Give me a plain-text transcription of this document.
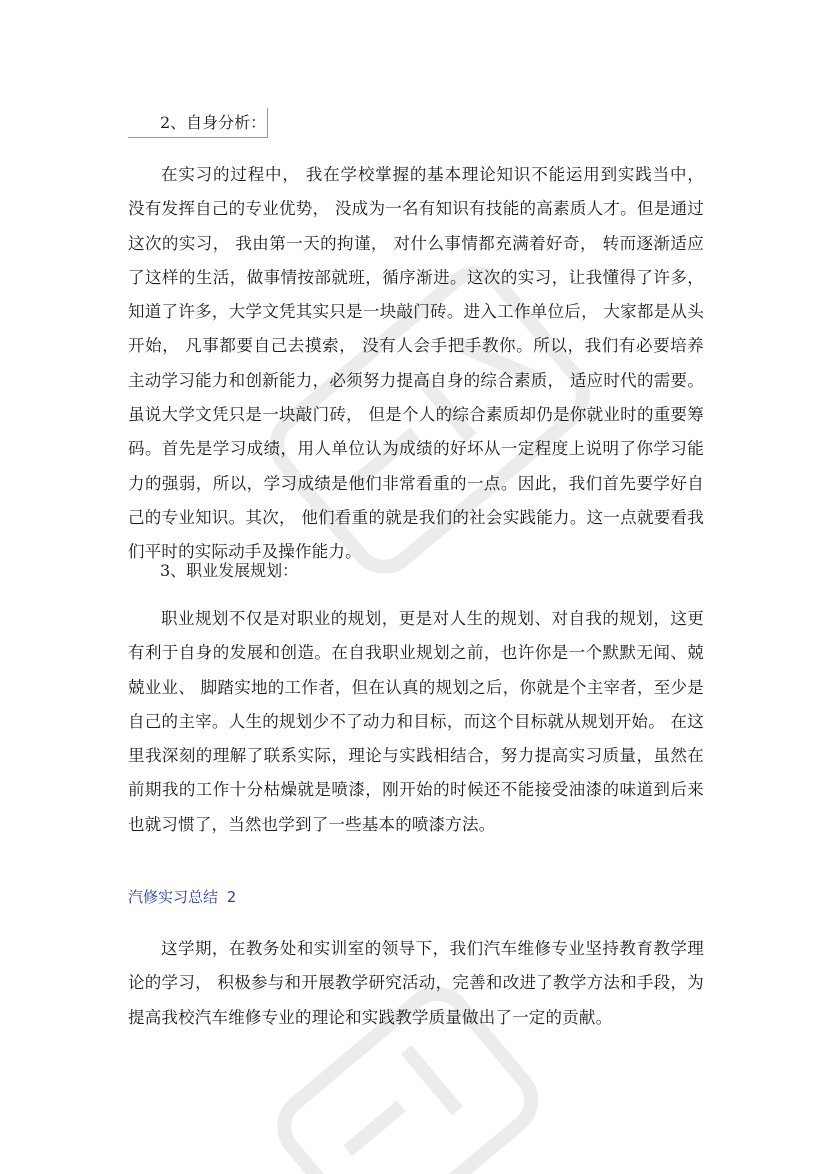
2、自身分析：

在实习的过程中， 我在学校掌握的基本理论知识不能运用到实践当中， 没有发挥自己的专业优势， 没成为一名有知识有技能的高素质人才。但是通过这次的实习， 我由第一天的拘谨， 对什么事情都充满着好奇， 转而逐渐适应了这样的生活，做事情按部就班，循序渐进。这次的实习，让我懂得了许多，知道了许多，大学文凭其实只是一块敲门砖。进入工作单位后， 大家都是从头开始， 凡事都要自己去摸索， 没有人会手把手教你。所以，我们有必要培养主动学习能力和创新能力，必须努力提高自身的综合素质， 适应时代的需要。 虽说大学文凭只是一块敲门砖， 但是个人的综合素质却仍是你就业时的重要筹码。首先是学习成绩，用人单位认为成绩的好坏从一定程度上说明了你学习能力的强弱，所以，学习成绩是他们非常看重的一点。因此，我们首先要学好自己的专业知识。其次， 他们看重的就是我们的社会实践能力。这一点就要看我们平时的实际动手及操作能力。

3、职业发展规划：

职业规划不仅是对职业的规划，更是对人生的规划、对自我的规划，这更有利于自身的发展和创造。在自我职业规划之前，也许你是一个默默无闻、兢兢业业、 脚踏实地的工作者，但在认真的规划之后，你就是个主宰者，至少是自己的主宰。人生的规划少不了动力和目标，而这个目标就从规划开始。 在这里我深刻的理解了联系实际，理论与实践相结合，努力提高实习质量，虽然在前期我的工作十分枯燥就是喷漆，刚开始的时候还不能接受油漆的味道到后来也就习惯了，当然也学到了一些基本的喷漆方法。

汽修实习总结 2

这学期，在教务处和实训室的领导下，我们汽车维修专业坚持教育教学理论的学习， 积极参与和开展教学研究活动，完善和改进了教学方法和手段，为提高我校汽车维修专业的理论和实践教学质量做出了一定的贡献。
